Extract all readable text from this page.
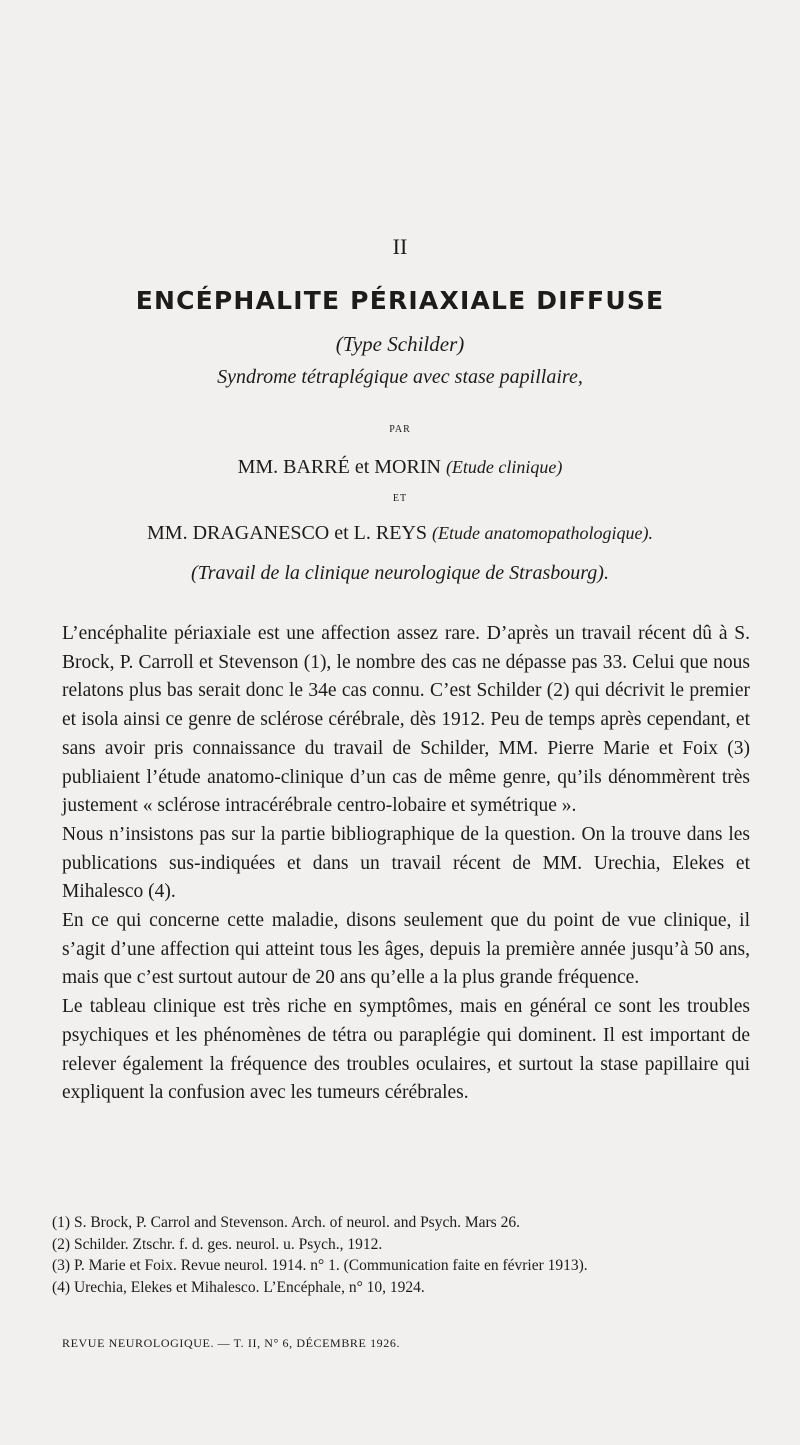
II
ENCÉPHALITE PÉRIAXIALE DIFFUSE
(Type Schilder)
Syndrome tétraplégique avec stase papillaire,
PAR
MM. BARRÉ et MORIN (Etude clinique)
ET
MM. DRAGANESCO et L. REYS (Etude anatomopathologique).
(Travail de la clinique neurologique de Strasbourg).

L’encéphalite périaxiale est une affection assez rare. D’après un travail récent dû à S. Brock, P. Carroll et Stevenson (1), le nombre des cas ne dépasse pas 33. Celui que nous relatons plus bas serait donc le 34e cas connu. C’est Schilder (2) qui décrivit le premier et isola ainsi ce genre de sclérose cérébrale, dès 1912. Peu de temps après cependant, et sans avoir pris connaissance du travail de Schilder, MM. Pierre Marie et Foix (3) publiaient l’étude anatomo-clinique d’un cas de même genre, qu’ils dénommèrent très justement « sclérose intracérébrale centro-lobaire et symétrique ».

Nous n’insistons pas sur la partie bibliographique de la question. On la trouve dans les publications sus-indiquées et dans un travail récent de MM. Urechia, Elekes et Mihalesco (4).

En ce qui concerne cette maladie, disons seulement que du point de vue clinique, il s’agit d’une affection qui atteint tous les âges, depuis la première année jusqu’à 50 ans, mais que c’est surtout autour de 20 ans qu’elle a la plus grande fréquence.

Le tableau clinique est très riche en symptômes, mais en général ce sont les troubles psychiques et les phénomènes de tétra ou paraplégie qui dominent. Il est important de relever également la fréquence des troubles oculaires, et surtout la stase papillaire qui expliquent la confusion avec les tumeurs cérébrales.

(1) S. Brock, P. Carrol and Stevenson. Arch. of neurol. and Psych. Mars 26.
(2) Schilder. Ztschr. f. d. ges. neurol. u. Psych., 1912.
(3) P. Marie et Foix. Revue neurol. 1914. n° 1. (Communication faite en février 1913).
(4) Urechia, Elekes et Mihalesco. L’Encéphale, n° 10, 1924.
REVUE NEUROLOGIQUE. — T. II, N° 6, DÉCEMBRE 1926.
